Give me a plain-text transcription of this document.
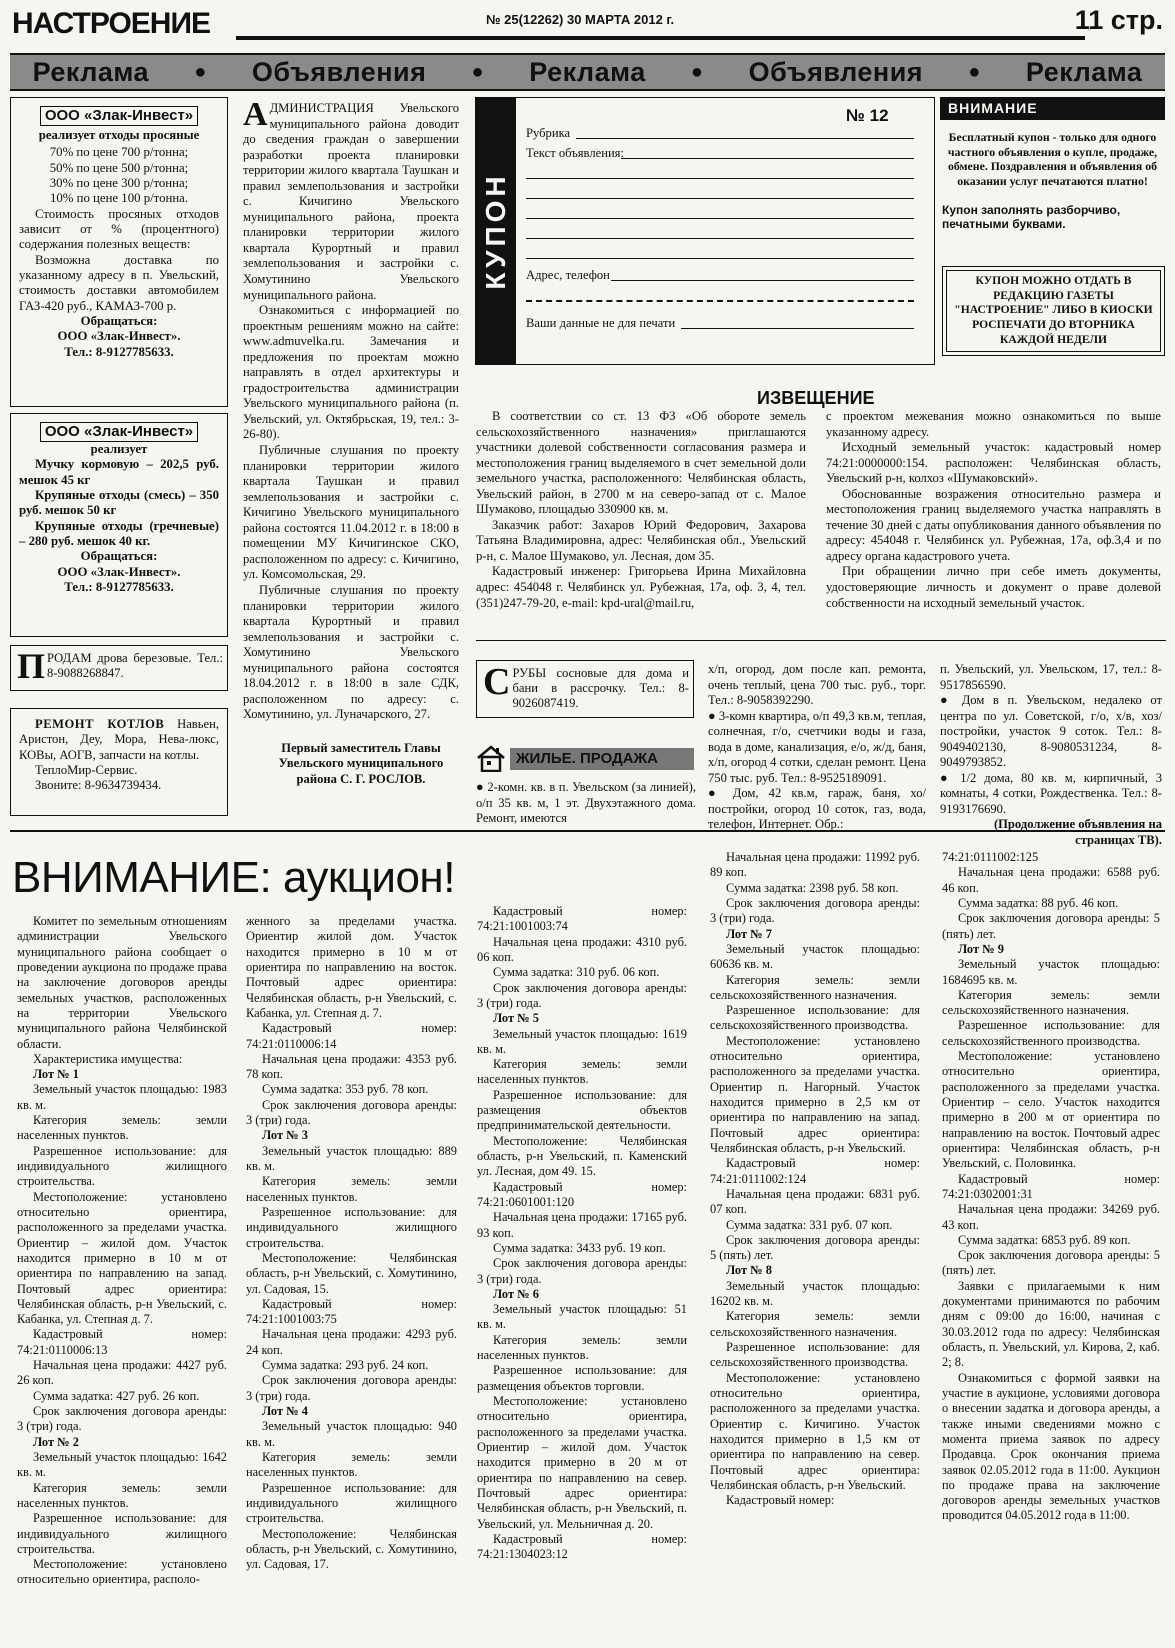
НАСТРОЕНИЕ	№ 25(12262) 30 МАРТА 2012 г.	11 стр.
Реклама ● Объявления ● Реклама ● Объявления ● Реклама
ООО «Злак-Инвест»
реализует отходы просяные
70% по цене 700 р/тонна;
50% по цене 500 р/тонна;
30% по цене 300 р/тонна;
10% по цене 100 р/тонна.

Стоимость просяных отходов зависит от % (процентного) содержания полезных веществ:

Возможна доставка по указанному адресу в п. Увельский, стоимость доставки автомобилем ГАЗ-420 руб., КАМАЗ-700 р.

Обращаться:
ООО «Злак-Инвест».
Тел.: 8-9127785633.
ООО «Злак-Инвест»
реализует

Мучку кормовую – 202,5 руб. мешок 45 кг

Крупяные отходы (смесь) – 350 руб. мешок 50 кг

Крупяные отходы (гречневые) – 280 руб. мешок 40 кг.

Обращаться:
ООО «Злак-Инвест».
Тел.: 8-9127785633.
П РОДАМ дрова березовые. Тел.: 8-9088268847.

РЕМОНТ КОТЛОВ Навьен, Аристон, Деу, Мора, Нева-люкс, КОВы, АОГВ, запчасти на котлы.

ТеплоМир-Сервис.

Звоните: 8-9634739434.

АДМИНИСТРАЦИЯ Увельского муниципального района доводит до сведения граждан о завершении разработки проекта планировки территории жилого квартала Таушкан и правил землепользования и застройки с. Кичигино Увельского муниципального района, проекта планировки территории жилого квартала Курортный и правил землепользования и застройки с. Хомутинино Увельского муниципального района.

Ознакомиться с информацией по проектным решениям можно на сайте: www.admuvelka.ru. Замечания и предложения по проектам можно направлять в отдел архитектуры и градостроительства администрации Увельского муниципального района (п. Увельский, ул. Октябрьская, 19, тел.: 3-26-80).

Публичные слушания по проекту планировки территории жилого квартала Таушкан и правил землепользования и застройки с. Кичигино Увельского муниципального района состоятся 11.04.2012 г. в 18:00 в помещении МУ Кичигинское СКО, расположенном по адресу: с. Кичигино, ул. Комсомольская, 29.

Публичные слушания по проекту планировки территории жилого квартала Курортный и правил землепользования и застройки с. Хомутинино Увельского муниципального района состоятся 18.04.2012 г. в 18:00 в зале СДК, расположенном по адресу: с. Хомутинино, ул. Луначарского, 27.

Первый заместитель Главы Увельского муниципального района С. Г. РОСЛОВ.
КУПОН
№ 12
Рубрика
Текст объявления:
Адрес, телефон
Ваши данные не для печати
ВНИМАНИЕ
Бесплатный купон - только для одного частного объявления о купле, продаже, обмене. Поздравления и объявления об оказании услуг печатаются платно!
Купон заполнять разборчиво, печатными буквами.
КУПОН МОЖНО ОТДАТЬ В РЕДАКЦИЮ ГАЗЕТЫ "НАСТРОЕНИЕ" ЛИБО В КИОСКИ РОСПЕЧАТИ ДО ВТОРНИКА КАЖДОЙ НЕДЕЛИ
ИЗВЕЩЕНИЕ

В соответствии со ст. 13 ФЗ «Об обороте земель сельскохозяйственного назначения» приглашаются участники долевой собственности согласования размера и местоположения границ выделяемого в счет земельной доли земельного участка, расположенного: Челябинская область, Увельский район, в 2700 м на северо-запад от с. Малое Шумаково, площадью 330900 кв. м.

Заказчик работ: Захаров Юрий Федорович, Захарова Татьяна Владимировна, адрес: Челябинская обл., Увельский р-н, с. Малое Шумаково, ул. Лесная, дом 35.

Кадастровый инженер: Григорьева Ирина Михайловна адрес: 454048 г. Челябинск ул. Рубежная, 17а, оф. 3, 4, тел. (351)247-79-20, e-mail: kpd-ural@mail.ru,

с проектом межевания можно ознакомиться по выше указанному адресу.

Исходный земельный участок: кадастровый номер 74:21:0000000:154. расположен: Челябинская область, Увельский р-н, колхоз «Шумаковский».

Обоснованные возражения относительно размера и местоположения границ выделяемого участка направлять в течение 30 дней с даты опубликования данного объявления по адресу: 454048 г. Челябинск ул. Рубежная, 17а, оф.3,4 и по адресу органа кадастрового учета.

При обращении лично при себе иметь документы, удостоверяющие личность и документ о праве долевой собственности на исходный земельный участок.

С РУБЫ сосновые для дома и бани в рассрочку. Тел.: 8-9026087419.
ЖИЛЬЕ. ПРОДАЖА

● 2-комн. кв. в п. Увельском (за линией), о/п 35 кв. м, 1 эт. Двухэтажного дома. Ремонт, имеются

х/п, огород, дом после кап. ремонта, очень теплый, цена 700 тыс. руб., торг. Тел.: 8-9058392290.

● 3-комн квартира, о/п 49,3 кв.м, теплая, солнечная, г/о, счетчики воды и газа, вода в доме, канализация, е/о, ж/д, баня, х/п, огород 4 сотки, сделан ремонт. Цена 750 тыс. руб. Тел.: 8-9525189091.

● Дом, 42 кв.м, гараж, баня, хо/постройки, огород 10 соток, газ, вода, телефон, Интернет. Обр.:

п. Увельский, ул. Увельском, 17, тел.: 8-9517856590.

● Дом в п. Увельском, недалеко от центра по ул. Советской, г/о, х/в, хоз/постройки, участок 9 соток. Тел.: 8-9049402130, 8-9080531234, 8-9049793852.

● 1/2 дома, 80 кв. м, кирпичный, 3 комнаты, 4 сотки, Рождественка. Тел.: 8-9193176690.

(Продолжение объявления на страницах ТВ).
ВНИМАНИЕ: аукцион!

Комитет по земельным отношениям администрации Увельского муниципального района сообщает о проведении аукциона по продаже права на заключение договоров аренды земельных участков, расположенных на территории Увельского муниципального района Челябинской области.

Характеристика имущества:

Лот № 1

Земельный участок площадью: 1983 кв. м.

Категория земель: земли населенных пунктов.

Разрешенное использование: для индивидуального жилищного строительства.

Местоположение: установлено относительно ориентира, расположенного за пределами участка. Ориентир – жилой дом. Участок находится примерно в 10 м от ориентира по направлению на запад. Почтовый адрес ориентира: Челябинская область, р-н Увельский, с. Кабанка, ул. Степная д. 7.

Кадастровый номер: 74:21:0110006:13

Начальная цена продажи: 4427 руб. 26 коп.

Сумма задатка: 427 руб. 26 коп.

Срок заключения договора аренды: 3 (три) года.

Лот № 2

Земельный участок площадью: 1642 кв. м.

Категория земель: земли населенных пунктов.

Разрешенное использование: для индивидуального жилищного строительства.

Местоположение: установлено относительно ориентира, располо-

женного за пределами участка. Ориентир жилой дом. Участок находится примерно в 10 м от ориентира по направлению на восток. Почтовый адрес ориентира: Челябинская область, р-н Увельский, с. Кабанка, ул. Степная д. 7.

Кадастровый номер: 74:21:0110006:14

Начальная цена продажи: 4353 руб. 78 коп.

Сумма задатка: 353 руб. 78 коп.

Срок заключения договора аренды: 3 (три) года.

Лот № 3

Земельный участок площадью: 889 кв. м.

Категория земель: земли населенных пунктов.

Разрешенное использование: для индивидуального жилищного строительства.

Местоположение: Челябинская область, р-н Увельский, с. Хомутинино, ул. Садовая, 15.

Кадастровый номер: 74:21:1001003:75

Начальная цена продажи: 4293 руб. 24 коп.

Сумма задатка: 293 руб. 24 коп.

Срок заключения договора аренды: 3 (три) года.

Лот № 4

Земельный участок площадью: 940 кв. м.

Категория земель: земли населенных пунктов.

Разрешенное использование: для индивидуального жилищного строительства.

Местоположение: Челябинская область, р-н Увельский, с. Хомутинино, ул. Садовая, 17.

Кадастровый номер: 74:21:1001003:74

Начальная цена продажи: 4310 руб. 06 коп.

Сумма задатка: 310 руб. 06 коп.

Срок заключения договора аренды: 3 (три) года.

Лот № 5

Земельный участок площадью: 1619 кв. м.

Категория земель: земли населенных пунктов.

Разрешенное использование: для размещения объектов предпринимательской деятельности.

Местоположение: Челябинская область, р-н Увельский, п. Каменский ул. Лесная, дом 49. 15.

Кадастровый номер: 74:21:0601001:120

Начальная цена продажи: 17165 руб. 93 коп.

Сумма задатка: 3433 руб. 19 коп.

Срок заключения договора аренды: 3 (три) года.

Лот № 6

Земельный участок площадью: 51 кв. м.

Категория земель: земли населенных пунктов.

Разрешенное использование: для размещения объектов торговли.

Местоположение: установлено относительно ориентира, расположенного за пределами участка. Ориентир – жилой дом. Участок находится примерно в 20 м от ориентира по направлению на север. Почтовый адрес ориентира: Челябинская область, р-н Увельский, п. Увельский, ул. Мельничная д. 20.

Кадастровый номер: 74:21:1304023:12

Начальная цена продажи: 11992 руб. 89 коп.

Сумма задатка: 2398 руб. 58 коп.

Срок заключения договора аренды: 3 (три) года.

Лот № 7

Земельный участок площадью: 60636 кв. м.

Категория земель: земли сельскохозяйственного назначения.

Разрешенное использование: для сельскохозяйственного производства.

Местоположение: установлено относительно ориентира, расположенного за пределами участка. Ориентир п. Нагорный. Участок находится примерно в 2,5 км от ориентира по направлению на запад. Почтовый адрес ориентира: Челябинская область, р-н Увельский.

Кадастровый номер: 74:21:0111002:124

Начальная цена продажи: 6831 руб. 07 коп.

Сумма задатка: 331 руб. 07 коп.

Срок заключения договора аренды: 5 (пять) лет.

Лот № 8

Земельный участок площадью: 16202 кв. м.

Категория земель: земли сельскохозяйственного назначения.

Разрешенное использование: для сельскохозяйственного производства.

Местоположение: установлено относительно ориентира, расположенного за пределами участка. Ориентир с. Кичигино. Участок находится примерно в 1,5 км от ориентира по направлению на север. Почтовый адрес ориентира: Челябинская область, р-н Увельский.

Кадастровый номер:

74:21:0111002:125

Начальная цена продажи: 6588 руб. 46 коп.

Сумма задатка: 88 руб. 46 коп.

Срок заключения договора аренды: 5 (пять) лет.

Лот № 9

Земельный участок площадью: 1684695 кв. м.

Категория земель: земли сельскохозяйственного назначения.

Разрешенное использование: для сельскохозяйственного производства.

Местоположение: установлено относительно ориентира, расположенного за пределами участка. Ориентир – село. Участок находится примерно в 200 м от ориентира по направлению на восток. Почтовый адрес ориентира: Челябинская область, р-н Увельский, с. Половинка.

Кадастровый номер: 74:21:0302001:31

Начальная цена продажи: 34269 руб. 43 коп.

Сумма задатка: 6853 руб. 89 коп.

Срок заключения договора аренды: 5 (пять) лет.

Заявки с прилагаемыми к ним документами принимаются по рабочим дням с 09:00 до 16:00, начиная с 30.03.2012 года по адресу: Челябинская область, п. Увельский, ул. Кирова, 2, каб. 2; 8.

Ознакомиться с формой заявки на участие в аукционе, условиями договора о внесении задатка и договора аренды, а также иными сведениями можно с момента приема заявок по адресу Продавца. Срок окончания приема заявок 02.05.2012 года в 11:00. Аукцион по продаже права на заключение договоров аренды земельных участков проводится 04.05.2012 года в 11:00.
